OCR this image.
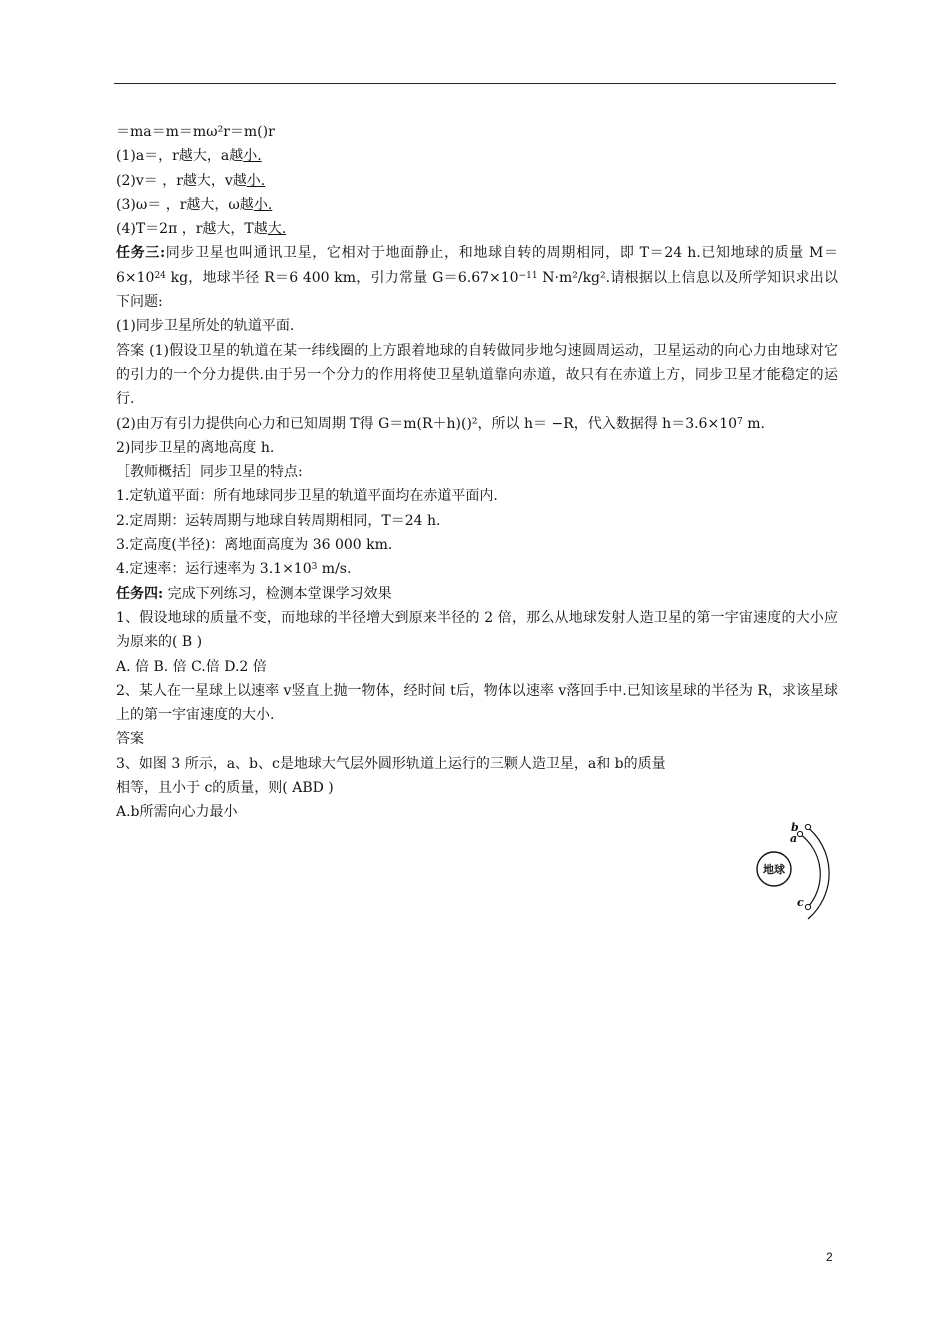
＝ma＝m＝mω²r＝m()r
(1)a＝，r越大，a越小.
(2)v＝ ，r越大，v越小.
(3)ω＝ ，r越大，ω越小.
(4)T＝2π ，r越大，T越大.
任务三:同步卫星也叫通讯卫星，它相对于地面静止，和地球自转的周期相同，即 T＝24 h.已知地球的质量 $M=6\times 10^{24}$ kg，地球半径 R＝6 400 km，引力常量 $G=6.67\times 10^{-11}$ N·m²/kg².请根据以上信息以及所学知识求出以下问题:
(1)同步卫星所处的轨道平面.
答案 (1)假设卫星的轨道在某一纬线圈的上方跟着地球的自转做同步地匀速圆周运动，卫星运动的向心力由地球对它的引力的一个分力提供.由于另一个分力的作用将使卫星轨道靠向赤道，故只有在赤道上方，同步卫星才能稳定的运行.
(2)由万有引力提供向心力和已知周期 T得 G＝m(R＋h)()²，所以 h＝ −R，代入数据得 $h=3.6\times 10^7$ m.
2)同步卫星的离地高度 h.
［教师概括］同步卫星的特点:
1.定轨道平面：所有地球同步卫星的轨道平面均在赤道平面内.
2.定周期：运转周期与地球自转周期相同，T＝24 h.
3.定高度(半径)：离地面高度为 36 000 km.
4.定速率：运行速率为 $3.1\times 10^3$ m/s.
任务四: 完成下列练习，检测本堂课学习效果
1、假设地球的质量不变，而地球的半径增大到原来半径的 2 倍，那么从地球发射人造卫星的第一宇宙速度的大小应为原来的( B )
A. 倍 B. 倍 C.倍 D.2 倍
2、某人在一星球上以速率 v竖直上抛一物体，经时间 t后，物体以速率 v落回手中.已知该星球的半径为 R，求该星球上的第一宇宙速度的大小.
答案
3、如图 3 所示，a、b、c是地球大气层外圆形轨道上运行的三颗人造卫星，a和 b的质量
相等，且小于 c的质量，则( ABD )
A.b所需向心力最小
地球
b
a
c
2
